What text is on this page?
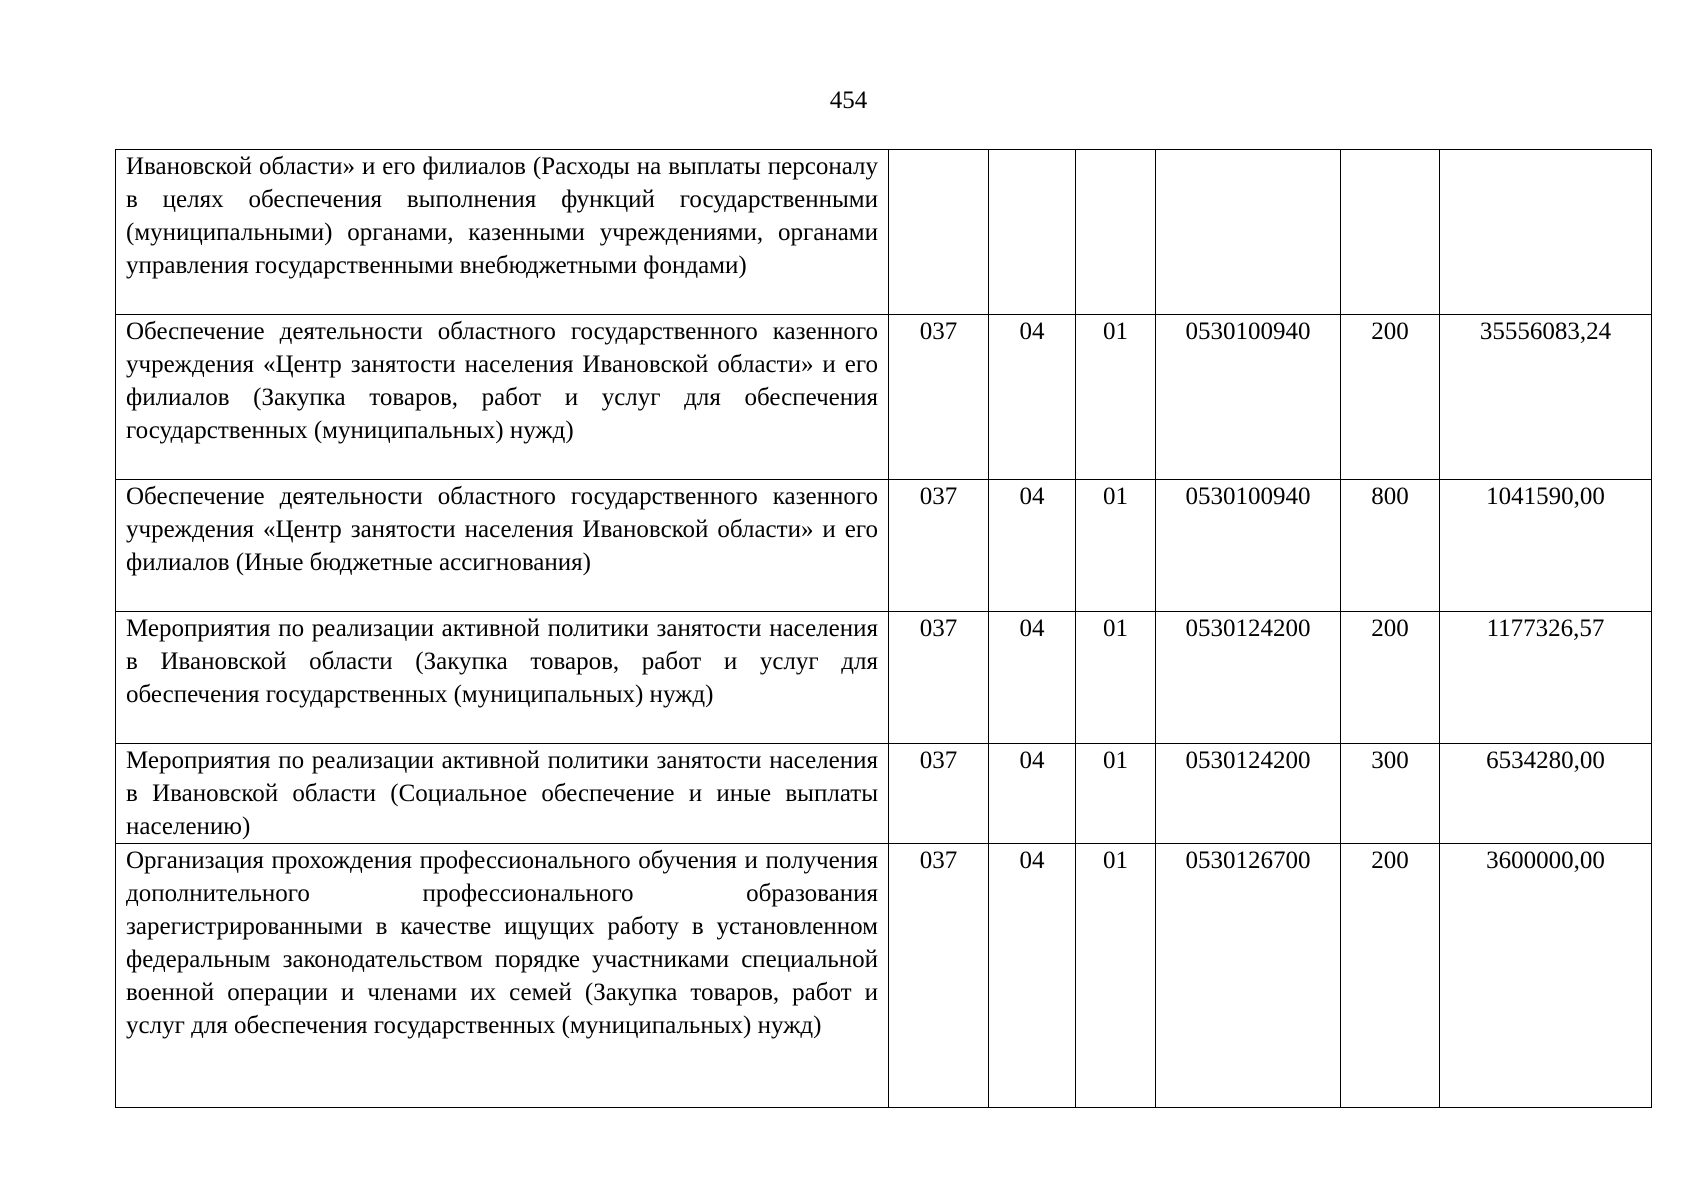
454
Ивановской области» и его филиалов (Расходы на выплаты персоналу в целях обеспечения выполнения функций государственными (муниципальными) органами, казенными учреждениями, органами управления государственными внебюджетными фондами)						
Обеспечение деятельности областного государственного казенного учреждения «Центр занятости населения Ивановской области» и его филиалов (Закупка товаров, работ и услуг для обеспечения государственных (муниципальных) нужд)	037	04	01	0530100940	200	35556083,24
Обеспечение деятельности областного государственного казенного учреждения «Центр занятости населения Ивановской области» и его филиалов (Иные бюджетные ассигнования)	037	04	01	0530100940	800	1041590,00
Мероприятия по реализации активной политики занятости населения в Ивановской области (Закупка товаров, работ и услуг для обеспечения государственных (муниципальных) нужд)	037	04	01	0530124200	200	1177326,57
Мероприятия по реализации активной политики занятости населения в Ивановской области (Социальное обеспечение и иные выплаты населению)	037	04	01	0530124200	300	6534280,00
Организация прохождения профессионального обучения и получения дополнительного профессионального образования зарегистрированными в качестве ищущих работу в установленном федеральным законодательством порядке участниками специальной военной операции и членами их семей (Закупка товаров, работ и услуг для обеспечения государственных (муниципальных) нужд)	037	04	01	0530126700	200	3600000,00
